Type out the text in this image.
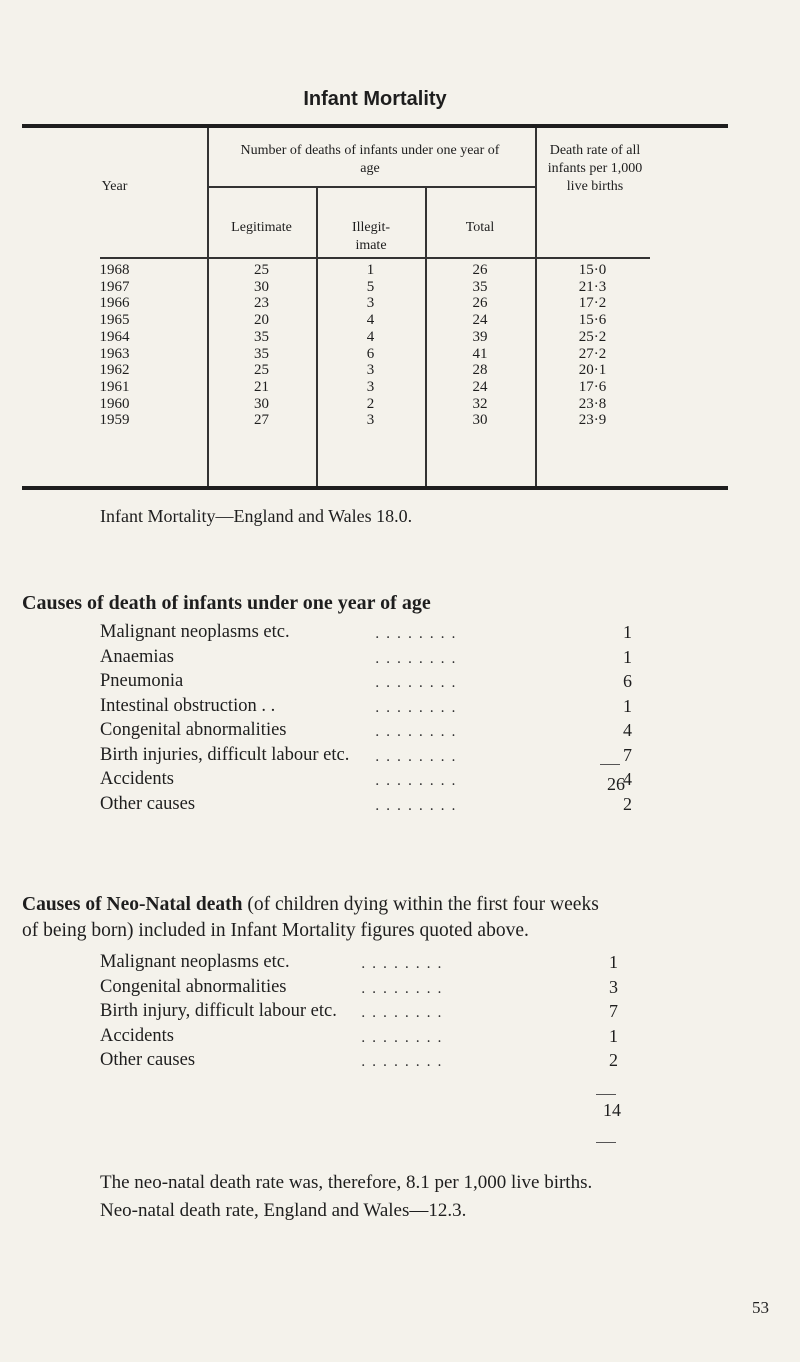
Infant Mortality
Year
Number of deaths of infants under one year of age
Legitimate	Illegit- imate
Total
Death rate of all infants per 1,000 live births
1968	25	1	26	15·0
1967	30	5	35	21·3
1966	23	3	26	17·2
1965	20	4	24	15·6
1964	35	4	39	25·2
1963	35	6	41	27·2
1962	25	3	28	20·1
1961	21	3	24	17·6
1960	30	2	32	23·8
1959	27	3	30	23·9
Infant Mortality—England and Wales 18.0.
Causes of death of infants under one year of age
. . . . . . . .
Malignant neoplasms etc.	1
. . . . . . . .
Anaemias	1
. . . . . . . .
Pneumonia	6
. . . . . . . .
Intestinal obstruction . .	1
. . . . . . . .
Congenital abnormalities	4
. . . . . . . .
Birth injuries, difficult labour etc.	7
. . . . . . . .
Accidents	4
. . . . . . . .
Other causes	2
26
Causes of Neo-Natal death (of children dying within the first four weeks
of being born) included in Infant Mortality figures quoted above.
. . . . . . . .
Malignant neoplasms etc.	1
. . . . . . . .
Congenital abnormalities	3
. . . . . . . .
Birth injury, difficult labour etc.	7
. . . . . . . .
Accidents	1
. . . . . . . .
Other causes	2
14
The neo-natal death rate was, therefore, 8.1 per 1,000 live births.
Neo-natal death rate, England and Wales—12.3.
53
